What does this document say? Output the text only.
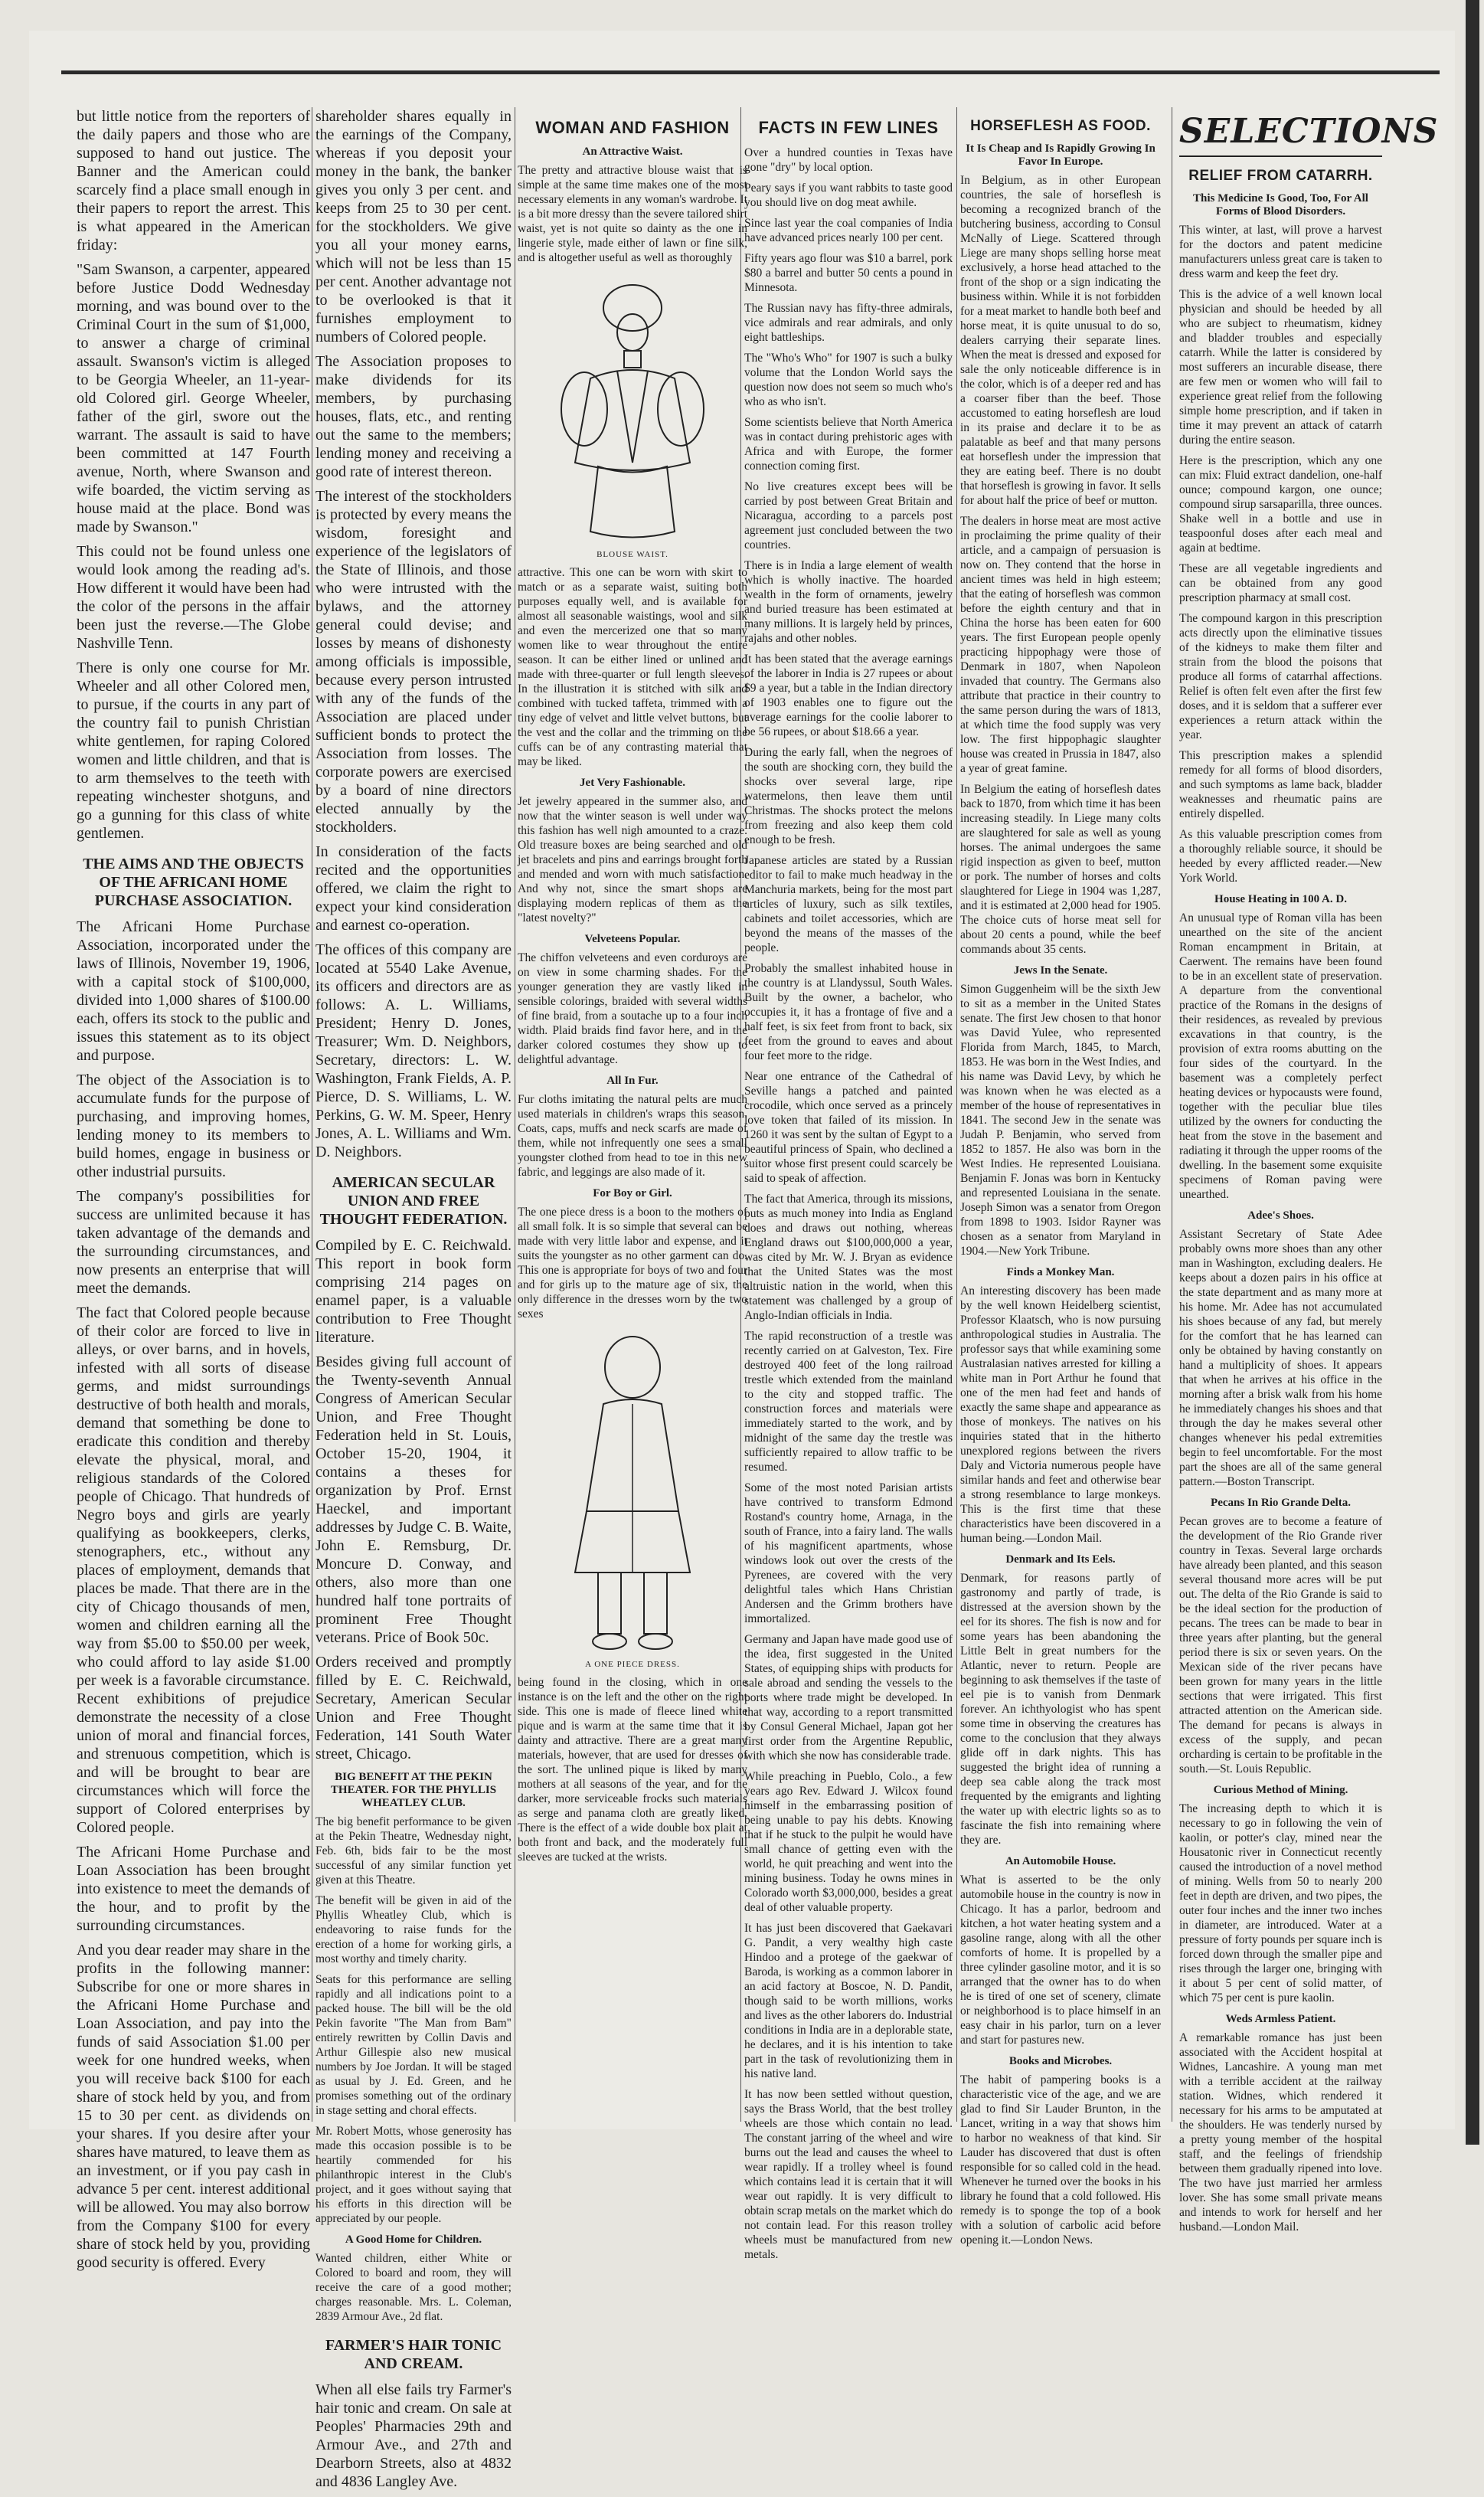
but little notice from the reporters of the daily papers and those who are supposed to hand out justice. The Banner and the American could scarcely find a place small enough in their papers to report the arrest. This is what appeared in the American friday:

"Sam Swanson, a carpenter, appeared before Justice Dodd Wednesday morning, and was bound over to the Criminal Court in the sum of $1,000, to answer a charge of criminal assault. Swanson's victim is alleged to be Georgia Wheeler, an 11-year-old Colored girl. George Wheeler, father of the girl, swore out the warrant. The assault is said to have been committed at 147 Fourth avenue, North, where Swanson and wife boarded, the victim serving as house maid at the place. Bond was made by Swanson."

This could not be found unless one would look among the reading ad's. How different it would have been had the color of the persons in the affair been just the reverse.—The Globe Nashville Tenn.

There is only one course for Mr. Wheeler and all other Colored men, to pursue, if the courts in any part of the country fail to punish Christian white gentlemen, for raping Colored women and little children, and that is to arm themselves to the teeth with repeating winchester shotguns, and go a gunning for this class of white gentlemen.

THE AIMS AND THE OBJECTS OF THE AFRICANI HOME PURCHASE ASSOCIATION.

The Africani Home Purchase Association, incorporated under the laws of Illinois, November 19, 1906, with a capital stock of $100,000, divided into 1,000 shares of $100.00 each, offers its stock to the public and issues this statement as to its object and purpose.

The object of the Association is to accumulate funds for the purpose of purchasing, and improving homes, lending money to its members to build homes, engage in business or other industrial pursuits.

The company's possibilities for success are unlimited because it has taken advantage of the demands and the surrounding circumstances, and now presents an enterprise that will meet the demands.

The fact that Colored people because of their color are forced to live in alleys, or over barns, and in hovels, infested with all sorts of disease germs, and midst surroundings destructive of both health and morals, demand that something be done to eradicate this condition and thereby elevate the physical, moral, and religious standards of the Colored people of Chicago. That hundreds of Negro boys and girls are yearly qualifying as bookkeepers, clerks, stenographers, etc., without any places of employment, demands that places be made. That there are in the city of Chicago thousands of men, women and children earning all the way from $5.00 to $50.00 per week, who could afford to lay aside $1.00 per week is a favorable circumstance. Recent exhibitions of prejudice demonstrate the necessity of a close union of moral and financial forces, and strenuous competition, which is and will be brought to bear are circumstances which will force the support of Colored enterprises by Colored people.

The Africani Home Purchase and Loan Association has been brought into existence to meet the demands of the hour, and to profit by the surrounding circumstances.

And you dear reader may share in the profits in the following manner: Subscribe for one or more shares in the Africani Home Purchase and Loan Association, and pay into the funds of said Association $1.00 per week for one hundred weeks, when you will receive back $100 for each share of stock held by you, and from 15 to 30 per cent. as dividends on your shares. If you desire after your shares have matured, to leave them as an investment, or if you pay cash in advance 5 per cent. interest additional will be allowed. You may also borrow from the Company $100 for every share of stock held by you, providing good security is offered. Every

shareholder shares equally in the earnings of the Company, whereas if you deposit your money in the bank, the banker gives you only 3 per cent. and keeps from 25 to 30 per cent. for the stockholders. We give you all your money earns, which will not be less than 15 per cent. Another advantage not to be overlooked is that it furnishes employment to numbers of Colored people.

The Association proposes to make dividends for its members, by purchasing houses, flats, etc., and renting out the same to the members; lending money and receiving a good rate of interest thereon.

The interest of the stockholders is protected by every means the wisdom, foresight and experience of the legislators of the State of Illinois, and those who were intrusted with the bylaws, and the attorney general could devise; and losses by means of dishonesty among officials is impossible, because every person intrusted with any of the funds of the Association are placed under sufficient bonds to protect the Association from losses. The corporate powers are exercised by a board of nine directors elected annually by the stockholders.

In consideration of the facts recited and the opportunities offered, we claim the right to expect your kind consideration and earnest co-operation.

The offices of this company are located at 5540 Lake Avenue, its officers and directors are as follows: A. L. Williams, President; Henry D. Jones, Treasurer; Wm. D. Neighbors, Secretary, directors: L. W. Washington, Frank Fields, A. P. Pierce, D. S. Williams, L. W. Perkins, G. W. M. Speer, Henry Jones, A. L. Williams and Wm. D. Neighbors.

AMERICAN SECULAR UNION AND FREE THOUGHT FEDERATION.

Compiled by E. C. Reichwald. This report in book form comprising 214 pages on enamel paper, is a valuable contribution to Free Thought literature.

Besides giving full account of the Twenty-seventh Annual Congress of American Secular Union, and Free Thought Federation held in St. Louis, October 15-20, 1904, it contains a theses for organization by Prof. Ernst Haeckel, and important addresses by Judge C. B. Waite, John E. Remsburg, Dr. Moncure D. Conway, and others, also more than one hundred half tone portraits of prominent Free Thought veterans. Price of Book 50c.

Orders received and promptly filled by E. C. Reichwald, Secretary, American Secular Union and Free Thought Federation, 141 South Water street, Chicago.

BIG BENEFIT AT THE PEKIN THEATER. FOR THE PHYLLIS WHEATLEY CLUB.

The big benefit performance to be given at the Pekin Theatre, Wednesday night, Feb. 6th, bids fair to be the most successful of any similar function yet given at this Theatre.

The benefit will be given in aid of the Phyllis Wheatley Club, which is endeavoring to raise funds for the erection of a home for working girls, a most worthy and timely charity.

Seats for this performance are selling rapidly and all indications point to a packed house. The bill will be the old Pekin favorite "The Man from Bam" entirely rewritten by Collin Davis and Arthur Gillespie also new musical numbers by Joe Jordan. It will be staged as usual by J. Ed. Green, and he promises something out of the ordinary in stage setting and choral effects.

Mr. Robert Motts, whose generosity has made this occasion possible is to be heartily commended for his philanthropic interest in the Club's project, and it goes without saying that his efforts in this direction will be appreciated by our people.

A Good Home for Children.

Wanted children, either White or Colored to board and room, they will receive the care of a good mother; charges reasonable. Mrs. L. Coleman, 2839 Armour Ave., 2d flat.

FARMER'S HAIR TONIC AND CREAM.

When all else fails try Farmer's hair tonic and cream. On sale at Peoples' Pharmacies 29th and Armour Ave., and 27th and Dearborn Streets, also at 4832 and 4836 Langley Ave.

WOMAN AND FASHION
An Attractive Waist.

The pretty and attractive blouse waist that is simple at the same time makes one of the most necessary elements in any woman's wardrobe. It is a bit more dressy than the severe tailored shirt waist, yet is not quite so dainty as the one in lingerie style, made either of lawn or fine silk, and is altogether useful as well as thoroughly

BLOUSE WAIST.

attractive. This one can be worn with skirt to match or as a separate waist, suiting both purposes equally well, and is available for almost all seasonable waistings, wool and silk and even the mercerized one that so many women like to wear throughout the entire season. It can be either lined or unlined and made with three-quarter or full length sleeves. In the illustration it is stitched with silk and combined with tucked taffeta, trimmed with a tiny edge of velvet and little velvet buttons, but the vest and the collar and the trimming on the cuffs can be of any contrasting material that may be liked.

Jet Very Fashionable.

Jet jewelry appeared in the summer also, and now that the winter season is well under way this fashion has well nigh amounted to a craze. Old treasure boxes are being searched and old jet bracelets and pins and earrings brought forth and mended and worn with much satisfaction. And why not, since the smart shops are displaying modern replicas of them as the "latest novelty?"

Velveteens Popular.

The chiffon velveteens and even corduroys are on view in some charming shades. For the younger generation they are vastly liked in sensible colorings, braided with several widths of fine braid, from a soutache up to a four inch width. Plaid braids find favor here, and in the darker colored costumes they show up to delightful advantage.

All In Fur.

Fur cloths imitating the natural pelts are much used materials in children's wraps this season. Coats, caps, muffs and neck scarfs are made of them, while not infrequently one sees a small youngster clothed from head to toe in this new fabric, and leggings are also made of it.

For Boy or Girl.

The one piece dress is a boon to the mothers of all small folk. It is so simple that several can be made with very little labor and expense, and it suits the youngster as no other garment can do. This one is appropriate for boys of two and four and for girls up to the mature age of six, the only difference in the dresses worn by the two sexes

A ONE PIECE DRESS.

being found in the closing, which in one instance is on the left and the other on the right side. This one is made of fleece lined white pique and is warm at the same time that it is dainty and attractive. There are a great many materials, however, that are used for dresses of the sort. The unlined pique is liked by many mothers at all seasons of the year, and for the darker, more serviceable frocks such materials as serge and panama cloth are greatly liked. There is the effect of a wide double box plait at both front and back, and the moderately full sleeves are tucked at the wrists.

FACTS IN FEW LINES

Over a hundred counties in Texas have gone "dry" by local option.

Peary says if you want rabbits to taste good you should live on dog meat awhile.

Since last year the coal companies of India have advanced prices nearly 100 per cent.

Fifty years ago flour was $10 a barrel, pork $80 a barrel and butter 50 cents a pound in Minnesota.

The Russian navy has fifty-three admirals, vice admirals and rear admirals, and only eight battleships.

The "Who's Who" for 1907 is such a bulky volume that the London World says the question now does not seem so much who's who as who isn't.

Some scientists believe that North America was in contact during prehistoric ages with Africa and with Europe, the former connection coming first.

No live creatures except bees will be carried by post between Great Britain and Nicaragua, according to a parcels post agreement just concluded between the two countries.

There is in India a large element of wealth which is wholly inactive. The hoarded wealth in the form of ornaments, jewelry and buried treasure has been estimated at many millions. It is largely held by princes, rajahs and other nobles.

It has been stated that the average earnings of the laborer in India is 27 rupees or about $9 a year, but a table in the Indian directory of 1903 enables one to figure out the average earnings for the coolie laborer to be 56 rupees, or about $18.66 a year.

During the early fall, when the negroes of the south are shocking corn, they build the shocks over several large, ripe watermelons, then leave them until Christmas. The shocks protect the melons from freezing and also keep them cold enough to be fresh.

Japanese articles are stated by a Russian editor to fail to make much headway in the Manchuria markets, being for the most part articles of luxury, such as silk textiles, cabinets and toilet accessories, which are beyond the means of the masses of the people.

Probably the smallest inhabited house in the country is at Llandyssul, South Wales. Built by the owner, a bachelor, who occupies it, it has a frontage of five and a half feet, is six feet from front to back, six feet from the ground to eaves and about four feet more to the ridge.

Near one entrance of the Cathedral of Seville hangs a patched and painted crocodile, which once served as a princely love token that failed of its mission. In 1260 it was sent by the sultan of Egypt to a beautiful princess of Spain, who declined a suitor whose first present could scarcely be said to speak of affection.

The fact that America, through its missions, puts as much money into India as England does and draws out nothing, whereas England draws out $100,000,000 a year, was cited by Mr. W. J. Bryan as evidence that the United States was the most altruistic nation in the world, when this statement was challenged by a group of Anglo-Indian officials in India.

The rapid reconstruction of a trestle was recently carried on at Galveston, Tex. Fire destroyed 400 feet of the long railroad trestle which extended from the mainland to the city and stopped traffic. The construction forces and materials were immediately started to the work, and by midnight of the same day the trestle was sufficiently repaired to allow traffic to be resumed.

Some of the most noted Parisian artists have contrived to transform Edmond Rostand's country home, Arnaga, in the south of France, into a fairy land. The walls of his magnificent apartments, whose windows look out over the crests of the Pyrenees, are covered with the very delightful tales which Hans Christian Andersen and the Grimm brothers have immortalized.

Germany and Japan have made good use of the idea, first suggested in the United States, of equipping ships with products for sale abroad and sending the vessels to the ports where trade might be developed. In that way, according to a report transmitted by Consul General Michael, Japan got her first order from the Argentine Republic, with which she now has considerable trade.

While preaching in Pueblo, Colo., a few years ago Rev. Edward J. Wilcox found himself in the embarrassing position of being unable to pay his debts. Knowing that if he stuck to the pulpit he would have small chance of getting even with the world, he quit preaching and went into the mining business. Today he owns mines in Colorado worth $3,000,000, besides a great deal of other valuable property.

It has just been discovered that Gaekavari G. Pandit, a very wealthy high caste Hindoo and a protege of the gaekwar of Baroda, is working as a common laborer in an acid factory at Boscoe, N. D. Pandit, though said to be worth millions, works and lives as the other laborers do. Industrial conditions in India are in a deplorable state, he declares, and it is his intention to take part in the task of revolutionizing them in his native land.

It has now been settled without question, says the Brass World, that the best trolley wheels are those which contain no lead. The constant jarring of the wheel and wire burns out the lead and causes the wheel to wear rapidly. If a trolley wheel is found which contains lead it is certain that it will wear out rapidly. It is very difficult to obtain scrap metals on the market which do not contain lead. For this reason trolley wheels must be manufactured from new metals.

HORSEFLESH AS FOOD.
It Is Cheap and Is Rapidly Growing In Favor In Europe.

In Belgium, as in other European countries, the sale of horseflesh is becoming a recognized branch of the butchering business, according to Consul McNally of Liege. Scattered through Liege are many shops selling horse meat exclusively, a horse head attached to the front of the shop or a sign indicating the business within. While it is not forbidden for a meat market to handle both beef and horse meat, it is quite unusual to do so, dealers carrying their separate lines. When the meat is dressed and exposed for sale the only noticeable difference is in the color, which is of a deeper red and has a coarser fiber than the beef. Those accustomed to eating horseflesh are loud in its praise and declare it to be as palatable as beef and that many persons eat horseflesh under the impression that they are eating beef. There is no doubt that horseflesh is growing in favor. It sells for about half the price of beef or mutton.

The dealers in horse meat are most active in proclaiming the prime quality of their article, and a campaign of persuasion is now on. They contend that the horse in ancient times was held in high esteem; that the eating of horseflesh was common before the eighth century and that in China the horse has been eaten for 600 years. The first European people openly practicing hippophagy were those of Denmark in 1807, when Napoleon invaded that country. The Germans also attribute that practice in their country to the same person during the wars of 1813, at which time the food supply was very low. The first hippophagic slaughter house was created in Prussia in 1847, also a year of great famine.

In Belgium the eating of horseflesh dates back to 1870, from which time it has been increasing steadily. In Liege many colts are slaughtered for sale as well as young horses. The animal undergoes the same rigid inspection as given to beef, mutton or pork. The number of horses and colts slaughtered for Liege in 1904 was 1,287, and it is estimated at 2,000 head for 1905. The choice cuts of horse meat sell for about 20 cents a pound, while the beef commands about 35 cents.

Jews In the Senate.

Simon Guggenheim will be the sixth Jew to sit as a member in the United States senate. The first Jew chosen to that honor was David Yulee, who represented Florida from March, 1845, to March, 1853. He was born in the West Indies, and his name was David Levy, by which he was known when he was elected as a member of the house of representatives in 1841. The second Jew in the senate was Judah P. Benjamin, who served from 1852 to 1857. He also was born in the West Indies. He represented Louisiana. Benjamin F. Jonas was born in Kentucky and represented Louisiana in the senate. Joseph Simon was a senator from Oregon from 1898 to 1903. Isidor Rayner was chosen as a senator from Maryland in 1904.—New York Tribune.

Finds a Monkey Man.

An interesting discovery has been made by the well known Heidelberg scientist, Professor Klaatsch, who is now pursuing anthropological studies in Australia. The professor says that while examining some Australasian natives arrested for killing a white man in Port Arthur he found that one of the men had feet and hands of exactly the same shape and appearance as those of monkeys. The natives on his inquiries stated that in the hitherto unexplored regions between the rivers Daly and Victoria numerous people have similar hands and feet and otherwise bear a strong resemblance to large monkeys. This is the first time that these characteristics have been discovered in a human being.—London Mail.

Denmark and Its Eels.

Denmark, for reasons partly of gastronomy and partly of trade, is distressed at the aversion shown by the eel for its shores. The fish is now and for some years has been abandoning the Little Belt in great numbers for the Atlantic, never to return. People are beginning to ask themselves if the taste of eel pie is to vanish from Denmark forever. An ichthyologist who has spent some time in observing the creatures has come to the conclusion that they always glide off in dark nights. This has suggested the bright idea of running a deep sea cable along the track most frequented by the emigrants and lighting the water up with electric lights so as to fascinate the fish into remaining where they are.

An Automobile House.

What is asserted to be the only automobile house in the country is now in Chicago. It has a parlor, bedroom and kitchen, a hot water heating system and a gasoline range, along with all the other comforts of home. It is propelled by a three cylinder gasoline motor, and it is so arranged that the owner has to do when he is tired of one set of scenery, climate or neighborhood is to place himself in an easy chair in his parlor, turn on a lever and start for pastures new.

Books and Microbes.

The habit of pampering books is a characteristic vice of the age, and we are glad to find Sir Lauder Brunton, in the Lancet, writing in a way that shows him to harbor no weakness of that kind. Sir Lauder has discovered that dust is often responsible for so called cold in the head. Whenever he turned over the books in his library he found that a cold followed. His remedy is to sponge the top of a book with a solution of carbolic acid before opening it.—London News.

SELECTIONS
RELIEF FROM CATARRH.
This Medicine Is Good, Too, For All Forms of Blood Disorders.

This winter, at last, will prove a harvest for the doctors and patent medicine manufacturers unless great care is taken to dress warm and keep the feet dry.

This is the advice of a well known local physician and should be heeded by all who are subject to rheumatism, kidney and bladder troubles and especially catarrh. While the latter is considered by most sufferers an incurable disease, there are few men or women who will fail to experience great relief from the following simple home prescription, and if taken in time it may prevent an attack of catarrh during the entire season.

Here is the prescription, which any one can mix: Fluid extract dandelion, one-half ounce; compound kargon, one ounce; compound sirup sarsaparilla, three ounces. Shake well in a bottle and use in teaspoonful doses after each meal and again at bedtime.

These are all vegetable ingredients and can be obtained from any good prescription pharmacy at small cost.

The compound kargon in this prescription acts directly upon the eliminative tissues of the kidneys to make them filter and strain from the blood the poisons that produce all forms of catarrhal affections. Relief is often felt even after the first few doses, and it is seldom that a sufferer ever experiences a return attack within the year.

This prescription makes a splendid remedy for all forms of blood disorders, and such symptoms as lame back, bladder weaknesses and rheumatic pains are entirely dispelled.

As this valuable prescription comes from a thoroughly reliable source, it should be heeded by every afflicted reader.—New York World.

House Heating in 100 A. D.

An unusual type of Roman villa has been unearthed on the site of the ancient Roman encampment in Britain, at Caerwent. The remains have been found to be in an excellent state of preservation. A departure from the conventional practice of the Romans in the designs of their residences, as revealed by previous excavations in that country, is the provision of extra rooms abutting on the four sides of the courtyard. In the basement was a completely perfect heating devices or hypocausts were found, together with the peculiar blue tiles utilized by the owners for conducting the heat from the stove in the basement and radiating it through the upper rooms of the dwelling. In the basement some exquisite specimens of Roman paving were unearthed.

Adee's Shoes.

Assistant Secretary of State Adee probably owns more shoes than any other man in Washington, excluding dealers. He keeps about a dozen pairs in his office at the state department and as many more at his home. Mr. Adee has not accumulated his shoes because of any fad, but merely for the comfort that he has learned can only be obtained by having constantly on hand a multiplicity of shoes. It appears that when he arrives at his office in the morning after a brisk walk from his home he immediately changes his shoes and that through the day he makes several other changes whenever his pedal extremities begin to feel uncomfortable. For the most part the shoes are all of the same general pattern.—Boston Transcript.

Pecans In Rio Grande Delta.

Pecan groves are to become a feature of the development of the Rio Grande river country in Texas. Several large orchards have already been planted, and this season several thousand more acres will be put out. The delta of the Rio Grande is said to be the ideal section for the production of pecans. The trees can be made to bear in three years after planting, but the general period there is six or seven years. On the Mexican side of the river pecans have been grown for many years in the little sections that were irrigated. This first attracted attention on the American side. The demand for pecans is always in excess of the supply, and pecan orcharding is certain to be profitable in the south.—St. Louis Republic.

Curious Method of Mining.

The increasing depth to which it is necessary to go in following the vein of kaolin, or potter's clay, mined near the Housatonic river in Connecticut recently caused the introduction of a novel method of mining. Wells from 50 to nearly 200 feet in depth are driven, and two pipes, the outer four inches and the inner two inches in diameter, are introduced. Water at a pressure of forty pounds per square inch is forced down through the smaller pipe and rises through the larger one, bringing with it about 5 per cent of solid matter, of which 75 per cent is pure kaolin.

Weds Armless Patient.

A remarkable romance has just been associated with the Accident hospital at Widnes, Lancashire. A young man met with a terrible accident at the railway station. Widnes, which rendered it necessary for his arms to be amputated at the shoulders. He was tenderly nursed by a pretty young member of the hospital staff, and the feelings of friendship between them gradually ripened into love. The two have just married her armless lover. She has some small private means and intends to work for herself and her husband.—London Mail.
